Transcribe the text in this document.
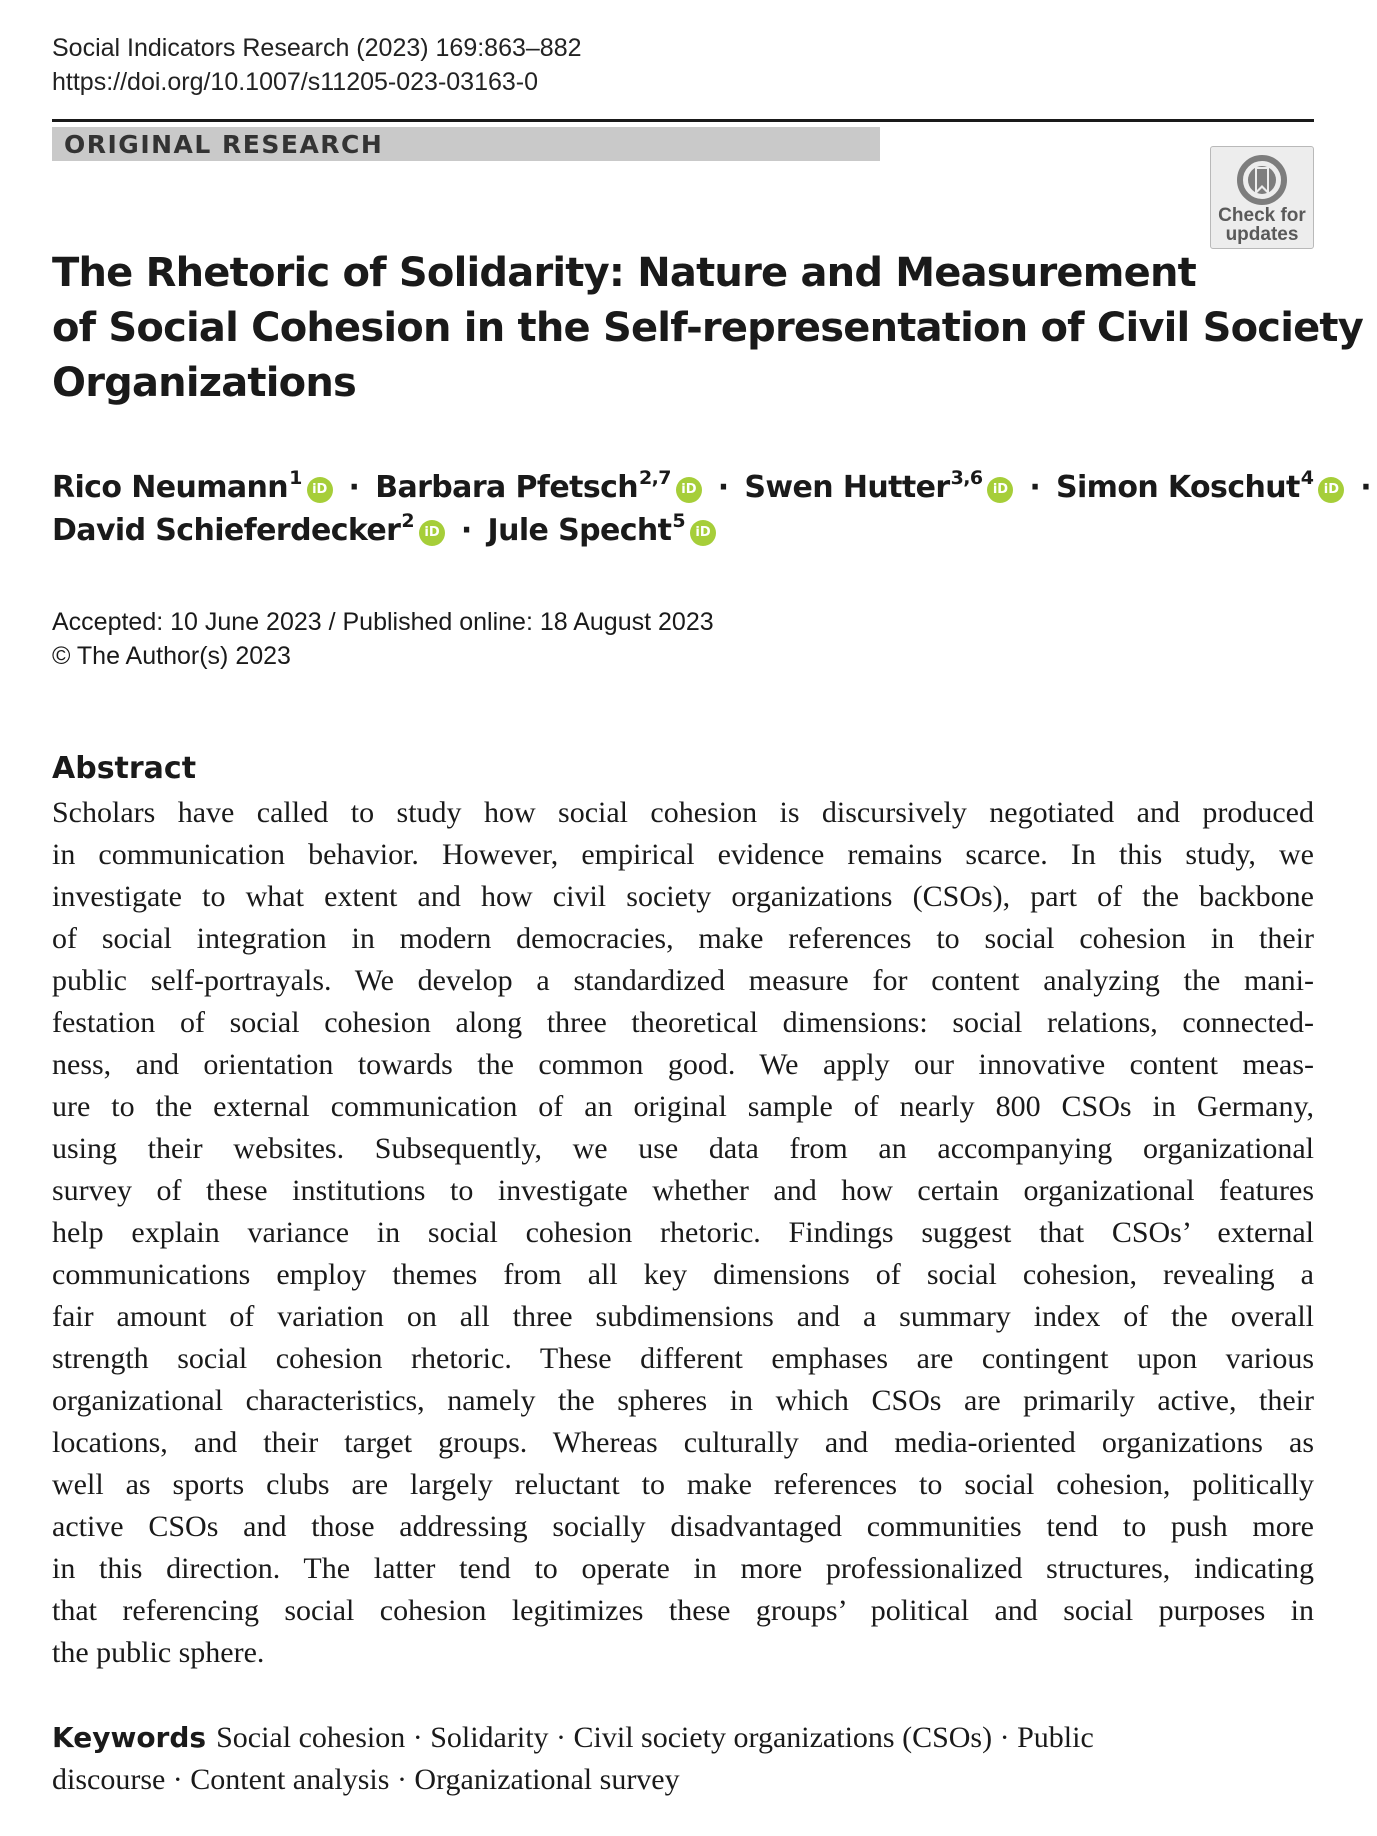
Social Indicators Research (2023) 169:863–882
https://doi.org/10.1007/s11205-023-03163-0
ORIGINAL RESEARCH
Check for
updates
The Rhetoric of Solidarity: Nature and Measurement
of Social Cohesion in the Self-representation of Civil Society
Organizations
Rico Neumann$^1$iD · Barbara Pfetsch$^{2,7}$iD · Swen Hutter$^{3,6}$iD · Simon Koschut$^4$iD ·
David Schieferdecker$^2$iD · Jule Specht$^5$iD
Accepted: 10 June 2023 / Published online: 18 August 2023
© The Author(s) 2023
Abstract
Scholars have called to study how social cohesion is discursively negotiated and produced
in communication behavior. However, empirical evidence remains scarce. In this study, we
investigate to what extent and how civil society organizations (CSOs), part of the backbone
of social integration in modern democracies, make references to social cohesion in their
public self-portrayals. We develop a standardized measure for content analyzing the mani-
festation of social cohesion along three theoretical dimensions: social relations, connected-
ness, and orientation towards the common good. We apply our innovative content meas-
ure to the external communication of an original sample of nearly 800 CSOs in Germany,
using their websites. Subsequently, we use data from an accompanying organizational
survey of these institutions to investigate whether and how certain organizational features
help explain variance in social cohesion rhetoric. Findings suggest that CSOs’ external
communications employ themes from all key dimensions of social cohesion, revealing a
fair amount of variation on all three subdimensions and a summary index of the overall
strength social cohesion rhetoric. These different emphases are contingent upon various
organizational characteristics, namely the spheres in which CSOs are primarily active, their
locations, and their target groups. Whereas culturally and media-oriented organizations as
well as sports clubs are largely reluctant to make references to social cohesion, politically
active CSOs and those addressing socially disadvantaged communities tend to push more
in this direction. The latter tend to operate in more professionalized structures, indicating
that referencing social cohesion legitimizes these groups’ political and social purposes in
the public sphere.
Keywords Social cohesion · Solidarity · Civil society organizations (CSOs) · Public
discourse · Content analysis · Organizational survey
